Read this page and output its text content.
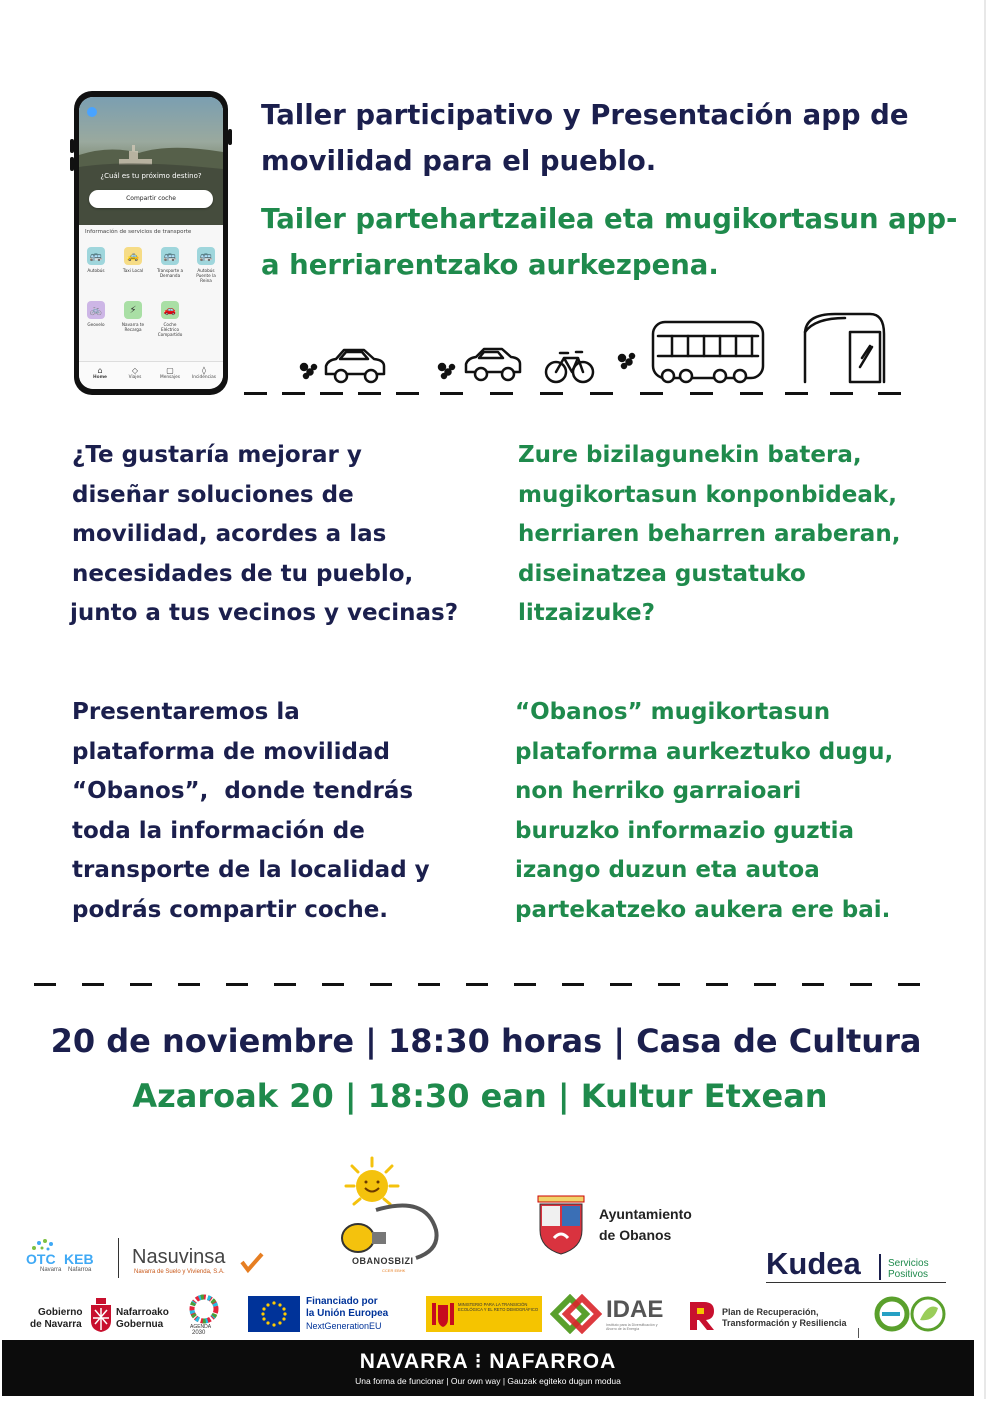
¿Cuál es tu próximo destino?
Compartir coche
Información de servicios de transporte
🚌
Autobús
🚕
Taxi Local
🚌
Transporte a Demanda
🚌
Autobús Puente la Reina
🚲
Geovelo
⚡
Navarra te Recarga
🚗
Coche Eléctrico Compartido
⌂
Home
◇
Viajes
▢
Mensajes
◊
Incidencias
Taller participativo y Presentación app de movilidad para el pueblo.
Tailer partehartzailea eta mugikortasun app-a herriarentzako aurkezpena.
¿Te gustaría mejorar y
diseñar soluciones de
movilidad, acordes a las
necesidades de tu pueblo,
junto a tus vecinos y vecinas?
Zure bizilagunekin batera,
mugikortasun konponbideak,
herriaren beharren araberan,
diseinatzea gustatuko
litzaizuke?
Presentaremos la
plataforma de movilidad
“Obanos”,  donde tendrás
toda la información de
transporte de la localidad y
podrás compartir coche.
“Obanos” mugikortasun
plataforma aurkeztuko dugu,
non herriko garraioari
buruzko informazio guztia
izango duzun eta autoa
partekatzeko aukera ere bai.
20 de noviembre | 18:30 horas | Casa de Cultura
Azaroak 20 | 18:30 ean | Kultur Etxean
OTC KEB
Navarra Nafarroa
Nasuvinsa
Navarra de Suelo y Vivienda, S.A.
OBANOSBIZI
CCER EBHK
Ayuntamiento
de Obanos
Kudea	Servicios
Positivos
Gobierno
de Navarra
Nafarroako
Gobernua	AGENDA
2030
Financiado por
la Unión Europea
NextGenerationEU
MINISTERIO PARA LA TRANSICIÓN ECOLÓGICA Y EL RETO DEMOGRÁFICO	IDAE
Instituto para la Diversificación y Ahorro de la Energía
Plan de Recuperación,
Transformación y Resiliencia
NAVARRA ⁝ NAFARROA
Una forma de funcionar | Our own way | Gauzak egiteko dugun modua
